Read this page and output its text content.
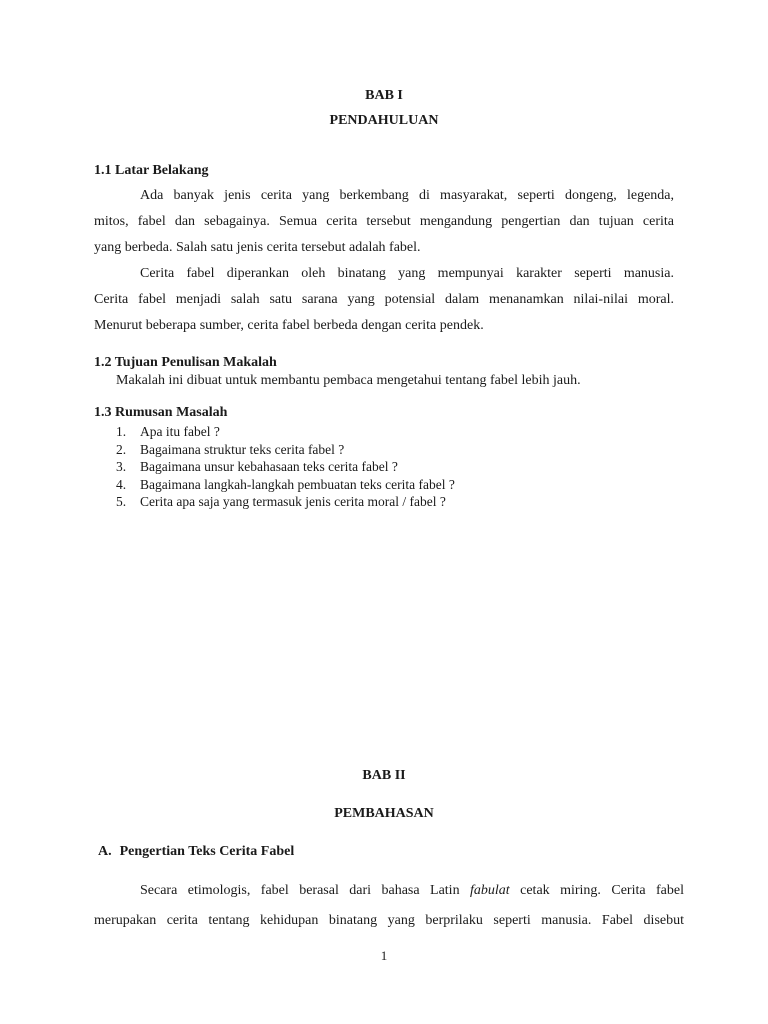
BAB I

PENDAHULUAN

1.1 Latar Belakang

Ada banyak jenis cerita yang berkembang di masyarakat, seperti dongeng, legenda,
mitos, fabel dan sebagainya. Semua cerita tersebut mengandung pengertian dan tujuan cerita
yang berbeda. Salah satu jenis cerita tersebut adalah fabel.
Cerita fabel diperankan oleh binatang yang mempunyai karakter seperti manusia.
Cerita fabel menjadi salah satu sarana yang potensial dalam menanamkan nilai-nilai moral.
Menurut beberapa sumber, cerita fabel berbeda dengan cerita pendek.

1.2 Tujuan Penulisan Makalah

Makalah ini dibuat untuk membantu pembaca mengetahui tentang fabel lebih jauh.

1.3 Rumusan Masalah

1.	Apa itu fabel ?
2.	Bagaimana struktur teks cerita fabel ?
3.	Bagaimana unsur kebahasaan teks cerita fabel ?
4.	Bagaimana langkah-langkah pembuatan teks cerita fabel ?
5.	Cerita apa saja yang termasuk jenis cerita moral / fabel ?

BAB II

PEMBAHASAN

A. Pengertian Teks Cerita Fabel

Secara etimologis, fabel berasal dari bahasa Latin fabulat cetak miring. Cerita fabel
merupakan cerita tentang kehidupan binatang yang berprilaku seperti manusia. Fabel disebut

1
